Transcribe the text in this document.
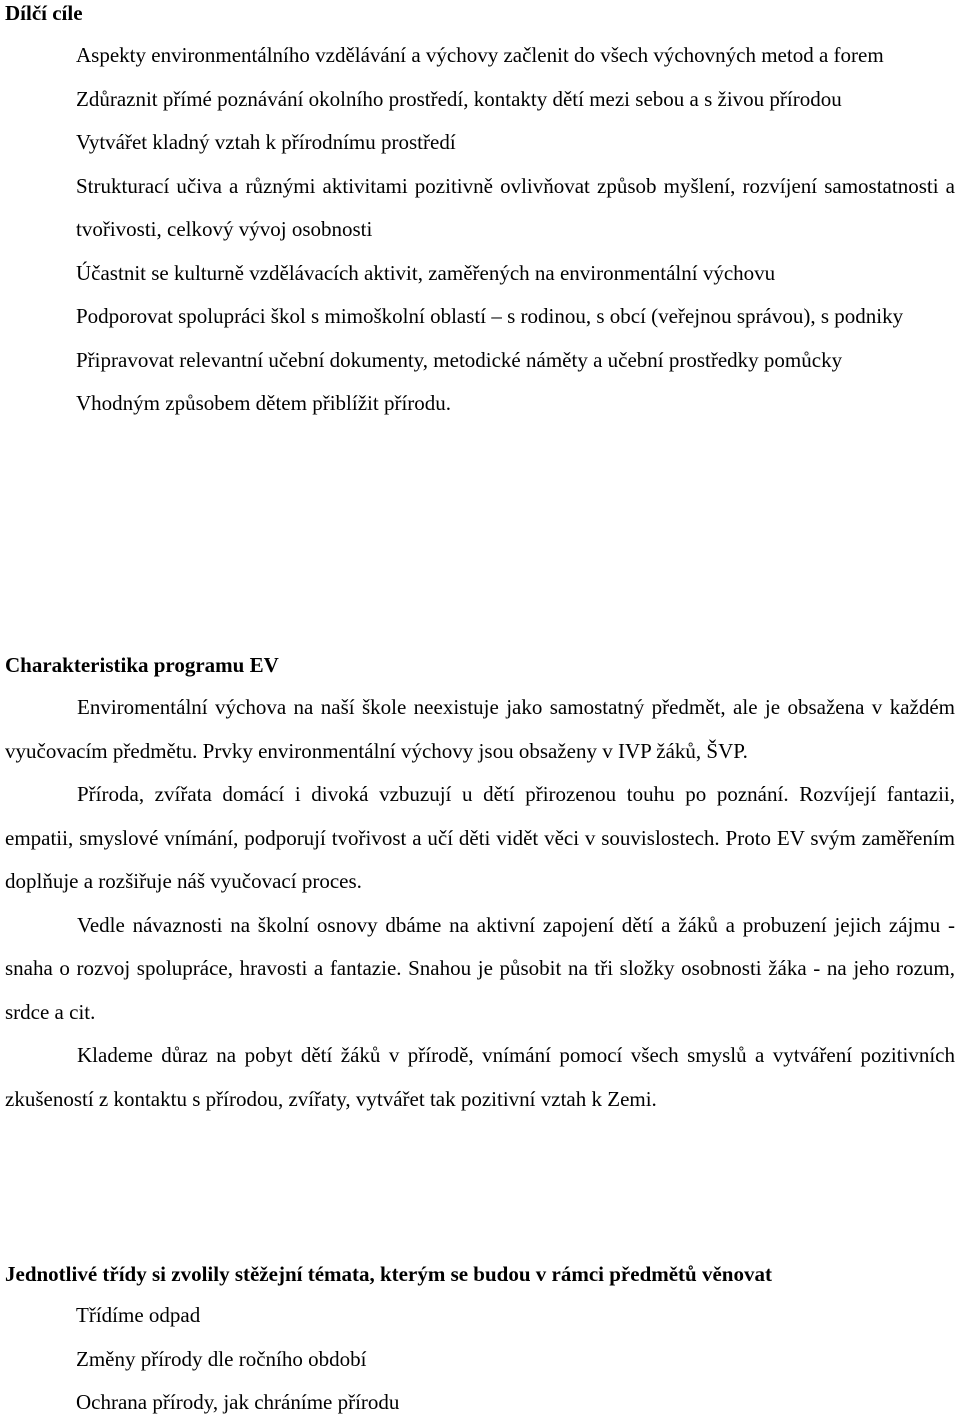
Dílčí cíle
Aspekty environmentálního vzdělávání a výchovy začlenit do všech výchovných metod a forem
Zdůraznit přímé poznávání okolního prostředí, kontakty dětí mezi sebou a s živou přírodou
Vytvářet kladný vztah k přírodnímu prostředí
Strukturací učiva a různými aktivitami pozitivně ovlivňovat způsob myšlení, rozvíjení samostatnosti a tvořivosti, celkový vývoj osobnosti
Účastnit se kulturně vzdělávacích aktivit, zaměřených na environmentální výchovu
Podporovat spolupráci škol s mimoškolní oblastí – s rodinou, s obcí (veřejnou správou), s podniky
Připravovat relevantní učební dokumenty, metodické náměty a učební prostředky pomůcky
Vhodným způsobem dětem přiblížit přírodu.
Charakteristika programu EV

Enviromentální výchova na naší škole neexistuje jako samostatný předmět, ale je obsažena v každém vyučovacím předmětu. Prvky environmentální výchovy jsou obsaženy v IVP žáků, ŠVP.

Příroda, zvířata domácí i divoká vzbuzují u dětí přirozenou touhu po poznání. Rozvíjejí fantazii, empatii, smyslové vnímání, podporují tvořivost a učí děti vidět věci v souvislostech. Proto EV svým zaměřením doplňuje a rozšiřuje náš vyučovací proces.

Vedle návaznosti na školní osnovy dbáme na aktivní zapojení dětí a žáků a probuzení jejich zájmu - snaha o rozvoj spolupráce, hravosti a fantazie. Snahou je působit na tři složky osobnosti žáka - na jeho rozum, srdce a cit.

Klademe důraz na pobyt dětí žáků v přírodě, vnímání pomocí všech smyslů a vytváření pozitivních zkušeností z kontaktu s přírodou, zvířaty, vytvářet tak pozitivní vztah k Zemi.

Jednotlivé třídy si zvolily stěžejní témata, kterým se budou v rámci předmětů věnovat
Třídíme odpad
Změny přírody dle ročního období
Ochrana přírody, jak chráníme přírodu
